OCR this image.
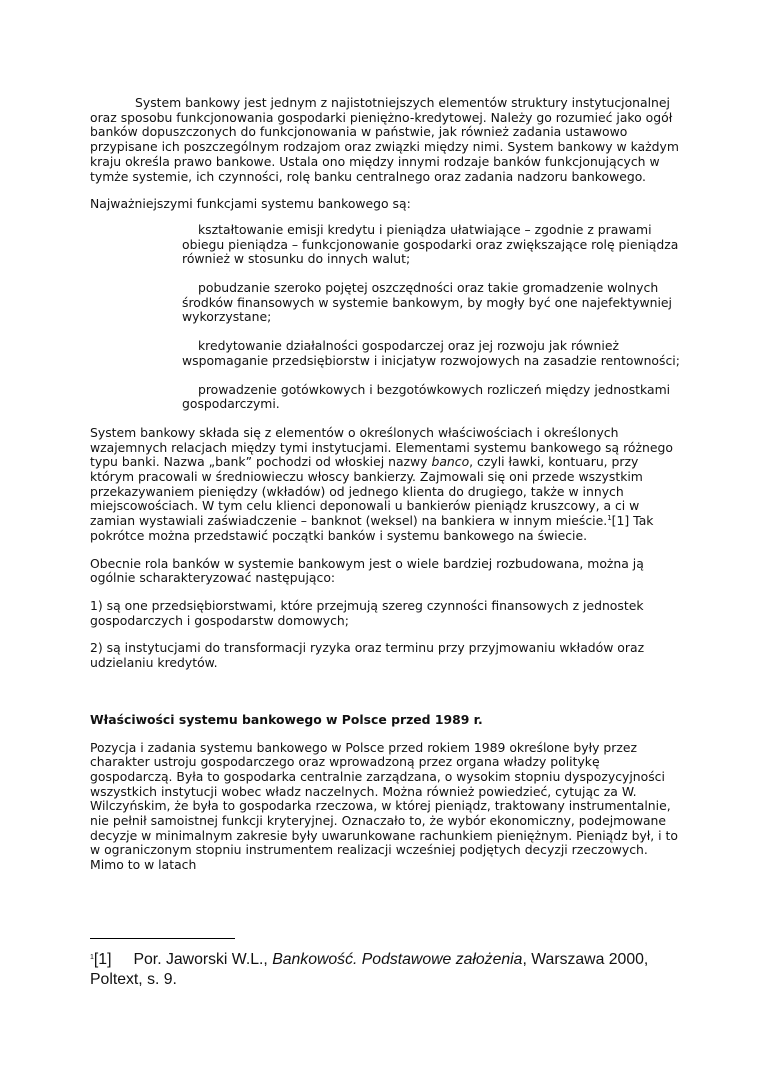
System bankowy jest jednym z najistotniejszych elementów struktury instytucjonalnej oraz sposobu funkcjonowania gospodarki pieniężno-kredytowej. Należy go rozumieć jako ogół banków dopuszczonych do funkcjonowania w państwie, jak również zadania ustawowo przypisane ich poszczególnym rodzajom oraz związki między nimi. System bankowy w każdym kraju określa prawo bankowe. Ustala ono między innymi rodzaje banków funkcjonujących w tymże systemie, ich czynności, rolę banku centralnego oraz zadania nadzoru bankowego.

Najważniejszymi funkcjami systemu bankowego są:

kształtowanie emisji kredytu i pieniądza ułatwiające – zgodnie z prawami obiegu pieniądza – funkcjonowanie gospodarki oraz zwiększające rolę pieniądza również w stosunku do innych walut;
pobudzanie szeroko pojętej oszczędności oraz takie gromadzenie wolnych środków finansowych w systemie bankowym, by mogły być one najefektywniej wykorzystane;
kredytowanie działalności gospodarczej oraz jej rozwoju jak również wspomaganie przedsiębiorstw i inicjatyw rozwojowych na zasadzie rentowności;
prowadzenie gotówkowych i bezgotówkowych rozliczeń między jednostkami gospodarczymi.

System bankowy składa się z elementów o określonych właściwościach i określonych wzajemnych relacjach między tymi instytucjami. Elementami systemu bankowego są różnego typu banki. Nazwa „bank” pochodzi od włoskiej nazwy banco, czyli ławki, kontuaru, przy którym pracowali w średniowieczu włoscy bankierzy. Zajmowali się oni przede wszystkim przekazywaniem pieniędzy (wkładów) od jednego klienta do drugiego, także w innych miejscowościach. W tym celu klienci deponowali u bankierów pieniądz kruszcowy, a ci w zamian wystawiali zaświadczenie – banknot (weksel) na bankiera w innym mieście.$^1$[1] Tak pokrótce można przedstawić początki banków i systemu bankowego na świecie.

Obecnie rola banków w systemie bankowym jest o wiele bardziej rozbudowana, można ją ogólnie scharakteryzować następująco:

1) są one przedsiębiorstwami, które przejmują szereg czynności finansowych z jednostek gospodarczych i gospodarstw domowych;

2) są instytucjami do transformacji ryzyka oraz terminu przy przyjmowaniu wkładów oraz udzielaniu kredytów.

Właściwości systemu bankowego w Polsce przed 1989 r.

Pozycja i zadania systemu bankowego w Polsce przed rokiem 1989 określone były przez charakter ustroju gospodarczego oraz wprowadzoną przez organa władzy politykę gospodarczą. Była to gospodarka centralnie zarządzana, o wysokim stopniu dyspozycyjności wszystkich instytucji wobec władz naczelnych. Można również powiedzieć, cytując za W. Wilczyńskim, że była to gospodarka rzeczowa, w której pieniądz, traktowany instrumentalnie, nie pełnił samoistnej funkcji kryteryjnej. Oznaczało to, że wybór ekonomiczny, podejmowane decyzje w minimalnym zakresie były uwarunkowane rachunkiem pieniężnym. Pieniądz był, i to w ograniczonym stopniu instrumentem realizacji wcześniej podjętych decyzji rzeczowych. Mimo to w latach

$^1$[1] Por. Jaworski W.L., Bankowość. Podstawowe założenia, Warszawa 2000, Poltext, s. 9.
